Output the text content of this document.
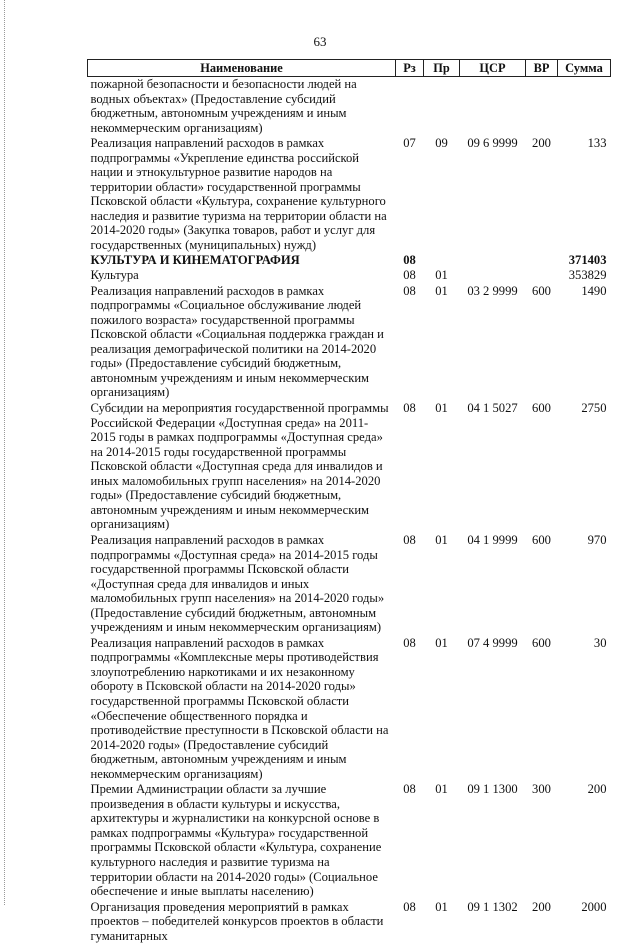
63
Наименование	Рз	Пр	ЦСР	ВР	Сумма
пожарной безопасности и безопасности людей на водных объектах» (Предоставление субсидий бюджетным, автономным учреждениям и иным некоммерческим организациям)					
Реализация направлений расходов в рамках подпрограммы «Укрепление единства российской нации и этнокультурное развитие народов на территории области» государственной программы Псковской области «Культура, сохранение культурного наследия и развитие туризма на территории области на 2014-2020 годы» (Закупка товаров, работ и услуг для государственных (муниципальных) нужд)	07	09	09 6 9999	200	133
КУЛЬТУРА И КИНЕМАТОГРАФИЯ	08				371403
Культура	08	01			353829
Реализация направлений расходов в рамках подпрограммы «Социальное обслуживание людей пожилого возраста» государственной программы Псковской области «Социальная поддержка граждан и реализация демографической политики на 2014-2020 годы» (Предоставление субсидий бюджетным, автономным учреждениям и иным некоммерческим организациям)	08	01	03 2 9999	600	1490
Субсидии на мероприятия государственной программы Российской Федерации «Доступная среда» на 2011-2015 годы в рамках подпрограммы «Доступная среда» на 2014-2015 годы государственной программы Псковской области «Доступная среда для инвалидов и иных маломобильных групп населения» на 2014-2020 годы» (Предоставление субсидий бюджетным, автономным учреждениям и иным некоммерческим организациям)	08	01	04 1 5027	600	2750
Реализация направлений расходов в рамках подпрограммы «Доступная среда» на 2014-2015 годы государственной программы Псковской области «Доступная среда для инвалидов и иных маломобильных групп населения» на 2014-2020 годы» (Предоставление субсидий бюджетным, автономным учреждениям и иным некоммерческим организациям)	08	01	04 1 9999	600	970
Реализация направлений расходов в рамках подпрограммы «Комплексные меры противодействия злоупотреблению наркотиками и их незаконному обороту в Псковской области на 2014-2020 годы» государственной программы Псковской области «Обеспечение общественного порядка и противодействие преступности в Псковской области на 2014-2020 годы» (Предоставление субсидий бюджетным, автономным учреждениям и иным некоммерческим организациям)	08	01	07 4 9999	600	30
Премии Администрации области за лучшие произведения в области культуры и искусства, архитектуры и журналистики на конкурсной основе в рамках подпрограммы «Культура» государственной программы Псковской области «Культура, сохранение культурного наследия и развитие туризма на территории области на 2014-2020 годы» (Социальное обеспечение и иные выплаты населению)	08	01	09 1 1300	300	200
Организация проведения мероприятий в рамках проектов – победителей конкурсов проектов в области гуманитарных	08	01	09 1 1302	200	2000
